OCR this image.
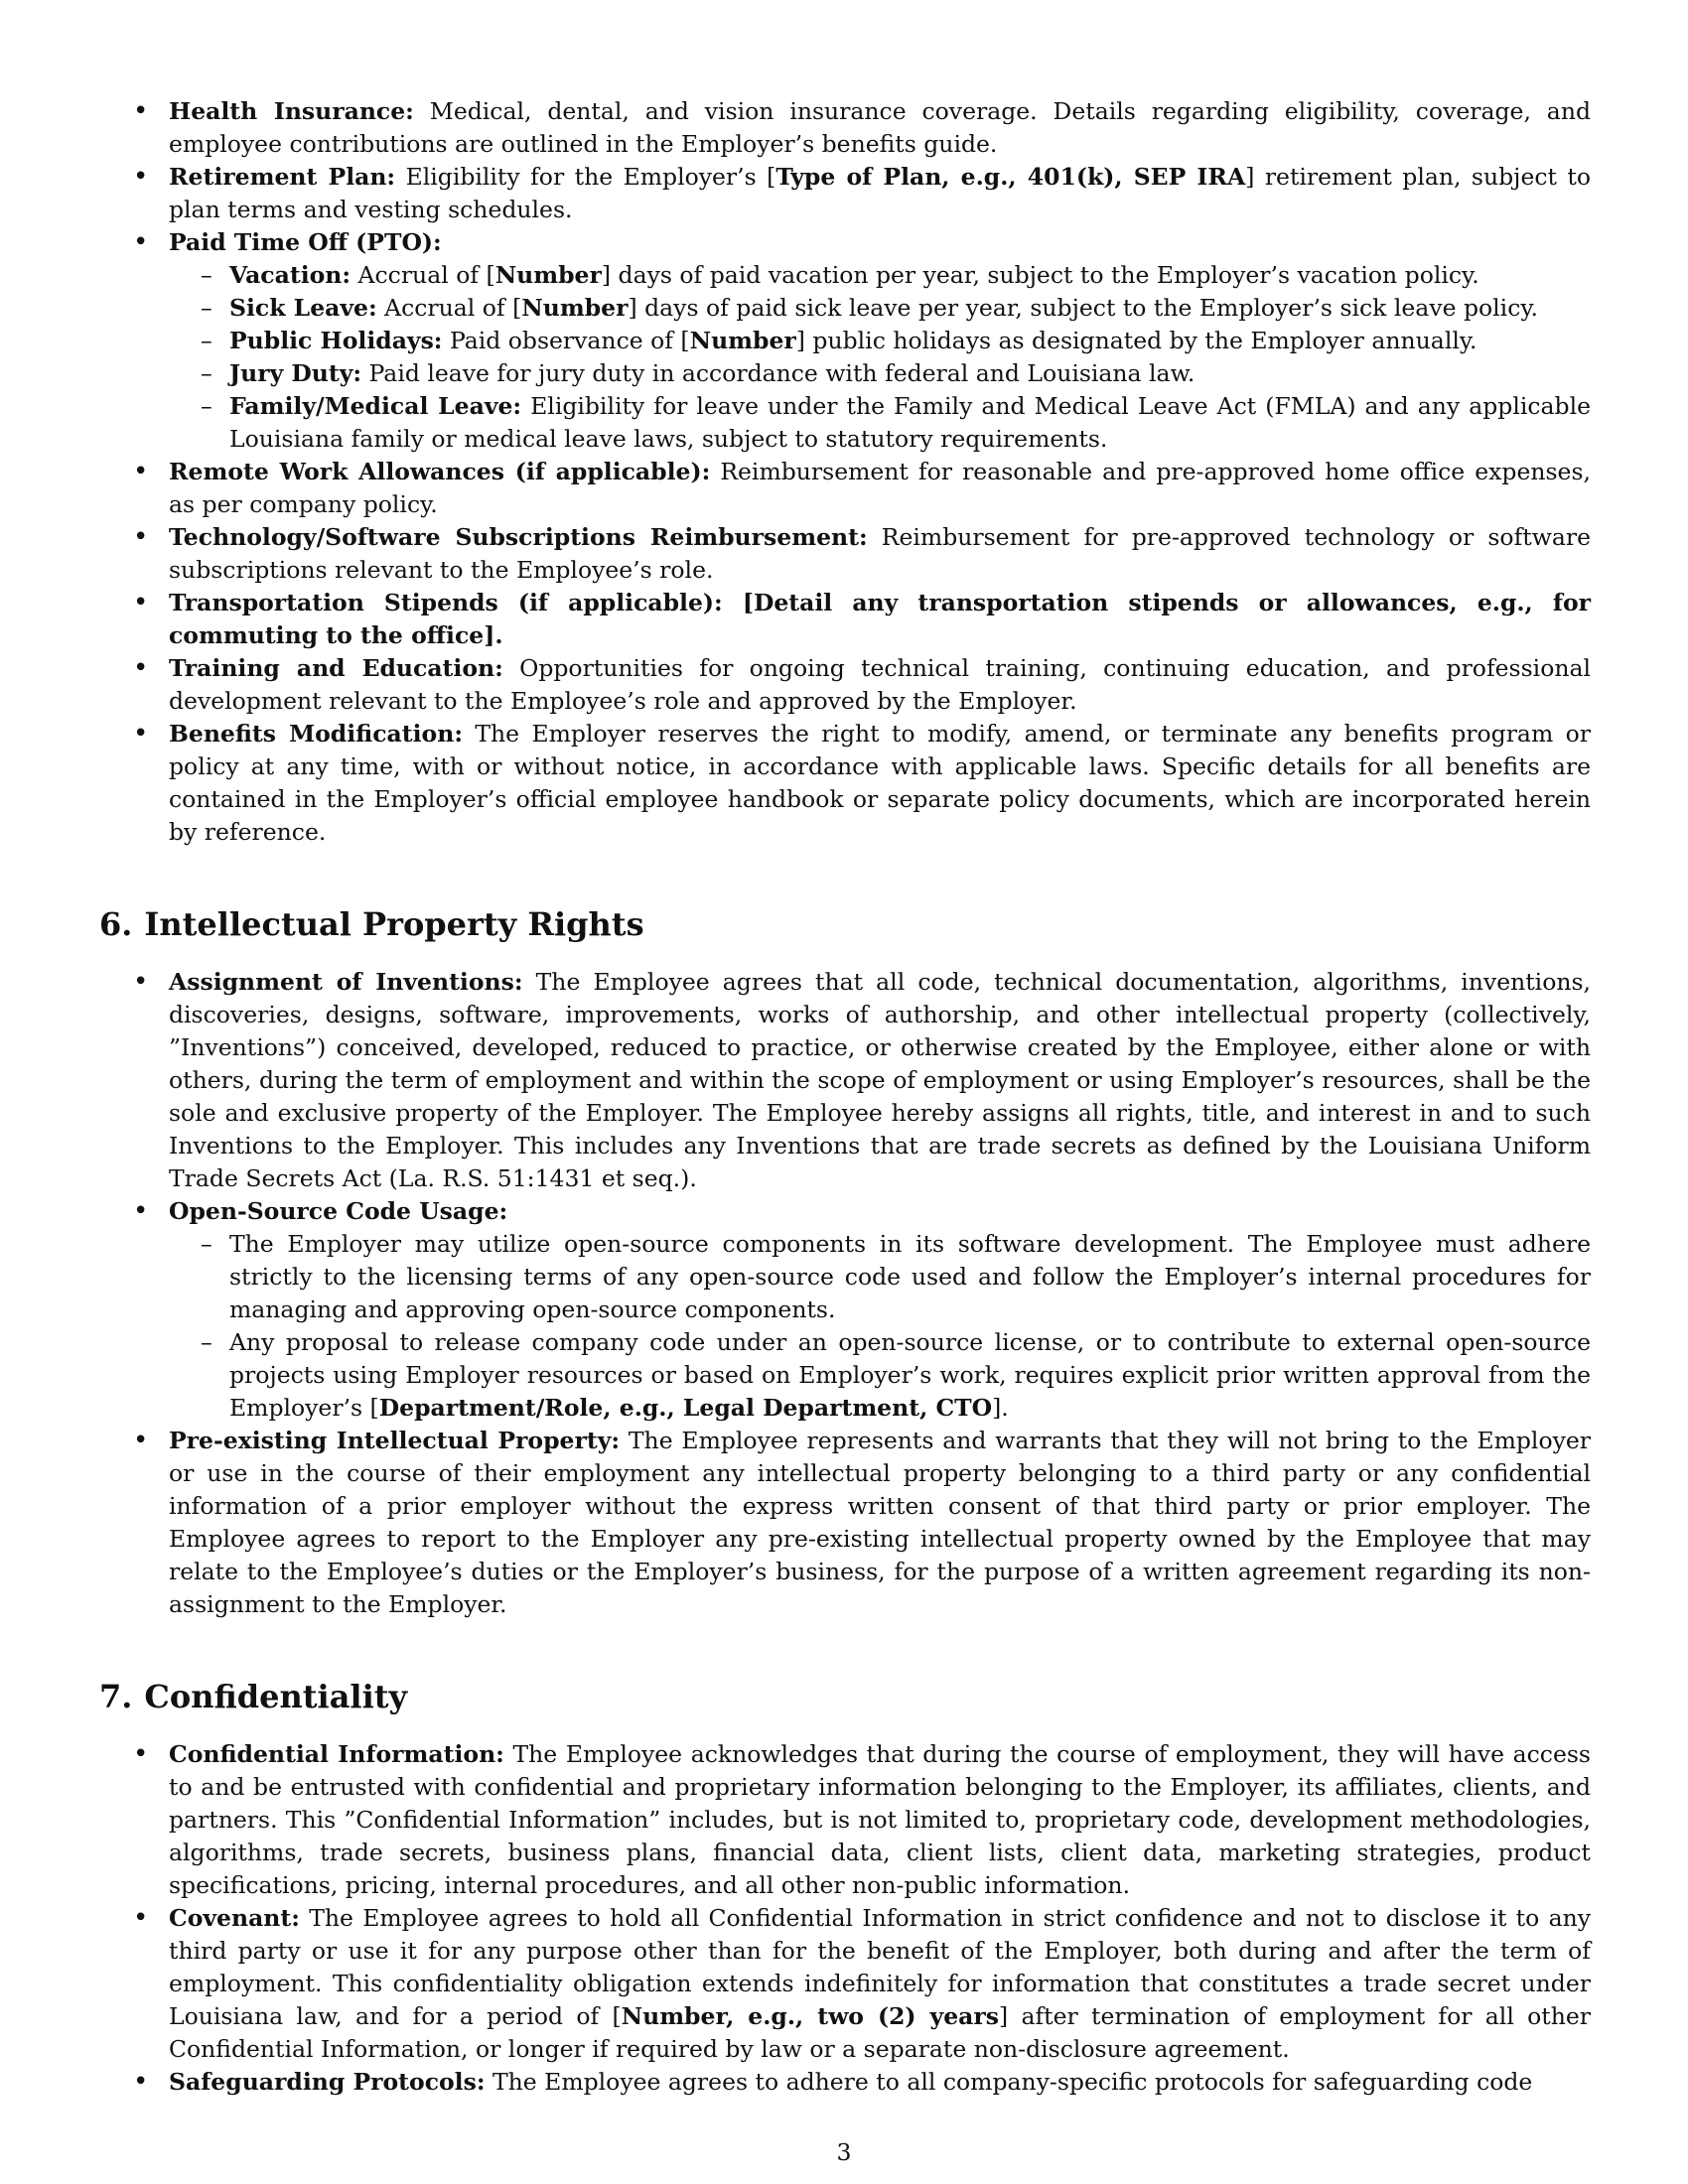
• Health Insurance: Medical, dental, and vision insurance coverage. Details regarding eligibility, coverage, and employee contributions are outlined in the Employer’s benefits guide.
• Retirement Plan: Eligibility for the Employer’s [Type of Plan, e.g., 401(k), SEP IRA] retirement plan, subject to plan terms and vesting schedules.
• Paid Time Off (PTO):
– Vacation: Accrual of [Number] days of paid vacation per year, subject to the Employer’s vacation policy.
– Sick Leave: Accrual of [Number] days of paid sick leave per year, subject to the Employer’s sick leave policy.
– Public Holidays: Paid observance of [Number] public holidays as designated by the Employer annually.
– Jury Duty: Paid leave for jury duty in accordance with federal and Louisiana law.
– Family/Medical Leave: Eligibility for leave under the Family and Medical Leave Act (FMLA) and any applicable Louisiana family or medical leave laws, subject to statutory requirements.
• Remote Work Allowances (if applicable): Reimbursement for reasonable and pre-approved home office expenses, as per company policy.
• Technology/Software Subscriptions Reimbursement: Reimbursement for pre-approved technology or software subscriptions relevant to the Employee’s role.
• Transportation Stipends (if applicable): [Detail any transportation stipends or allowances, e.g., for commuting to the office].
• Training and Education: Opportunities for ongoing technical training, continuing education, and professional development relevant to the Employee’s role and approved by the Employer.
• Benefits Modification: The Employer reserves the right to modify, amend, or terminate any benefits program or policy at any time, with or without notice, in accordance with applicable laws. Specific details for all benefits are contained in the Employer’s official employee handbook or separate policy documents, which are incorporated herein by reference.
6. Intellectual Property Rights
• Assignment of Inventions: The Employee agrees that all code, technical documentation, algorithms, inventions, discoveries, designs, software, improvements, works of authorship, and other intellectual property (collectively, ”Inventions”) conceived, developed, reduced to practice, or otherwise created by the Employee, either alone or with others, during the term of employment and within the scope of employment or using Employer’s resources, shall be the sole and exclusive property of the Employer. The Employee hereby assigns all rights, title, and interest in and to such Inventions to the Employer. This includes any Inventions that are trade secrets as defined by the Louisiana Uniform Trade Secrets Act (La. R.S. 51:1431 et seq.).
• Open-Source Code Usage:
– The Employer may utilize open-source components in its software development. The Employee must adhere strictly to the licensing terms of any open-source code used and follow the Employer’s internal procedures for managing and approving open-source components.
– Any proposal to release company code under an open-source license, or to contribute to external open-source projects using Employer resources or based on Employer’s work, requires explicit prior written approval from the Employer’s [Department/Role, e.g., Legal Department, CTO].
• Pre-existing Intellectual Property: The Employee represents and warrants that they will not bring to the Employer or use in the course of their employment any intellectual property belonging to a third party or any confidential information of a prior employer without the express written consent of that third party or prior employer. The Employee agrees to report to the Employer any pre-existing intellectual property owned by the Employee that may relate to the Employee’s duties or the Employer’s business, for the purpose of a written agreement regarding its non-assignment to the Employer.
7. Confidentiality
• Confidential Information: The Employee acknowledges that during the course of employment, they will have access to and be entrusted with confidential and proprietary information belonging to the Employer, its affiliates, clients, and partners. This ”Confidential Information” includes, but is not limited to, proprietary code, development methodologies, algorithms, trade secrets, business plans, financial data, client lists, client data, marketing strategies, product specifications, pricing, internal procedures, and all other non-public information.
• Covenant: The Employee agrees to hold all Confidential Information in strict confidence and not to disclose it to any third party or use it for any purpose other than for the benefit of the Employer, both during and after the term of employment. This confidentiality obligation extends indefinitely for information that constitutes a trade secret under Louisiana law, and for a period of [Number, e.g., two (2) years] after termination of employment for all other Confidential Information, or longer if required by law or a separate non-disclosure agreement.
• Safeguarding Protocols: The Employee agrees to adhere to all company-specific protocols for safeguarding code
3
